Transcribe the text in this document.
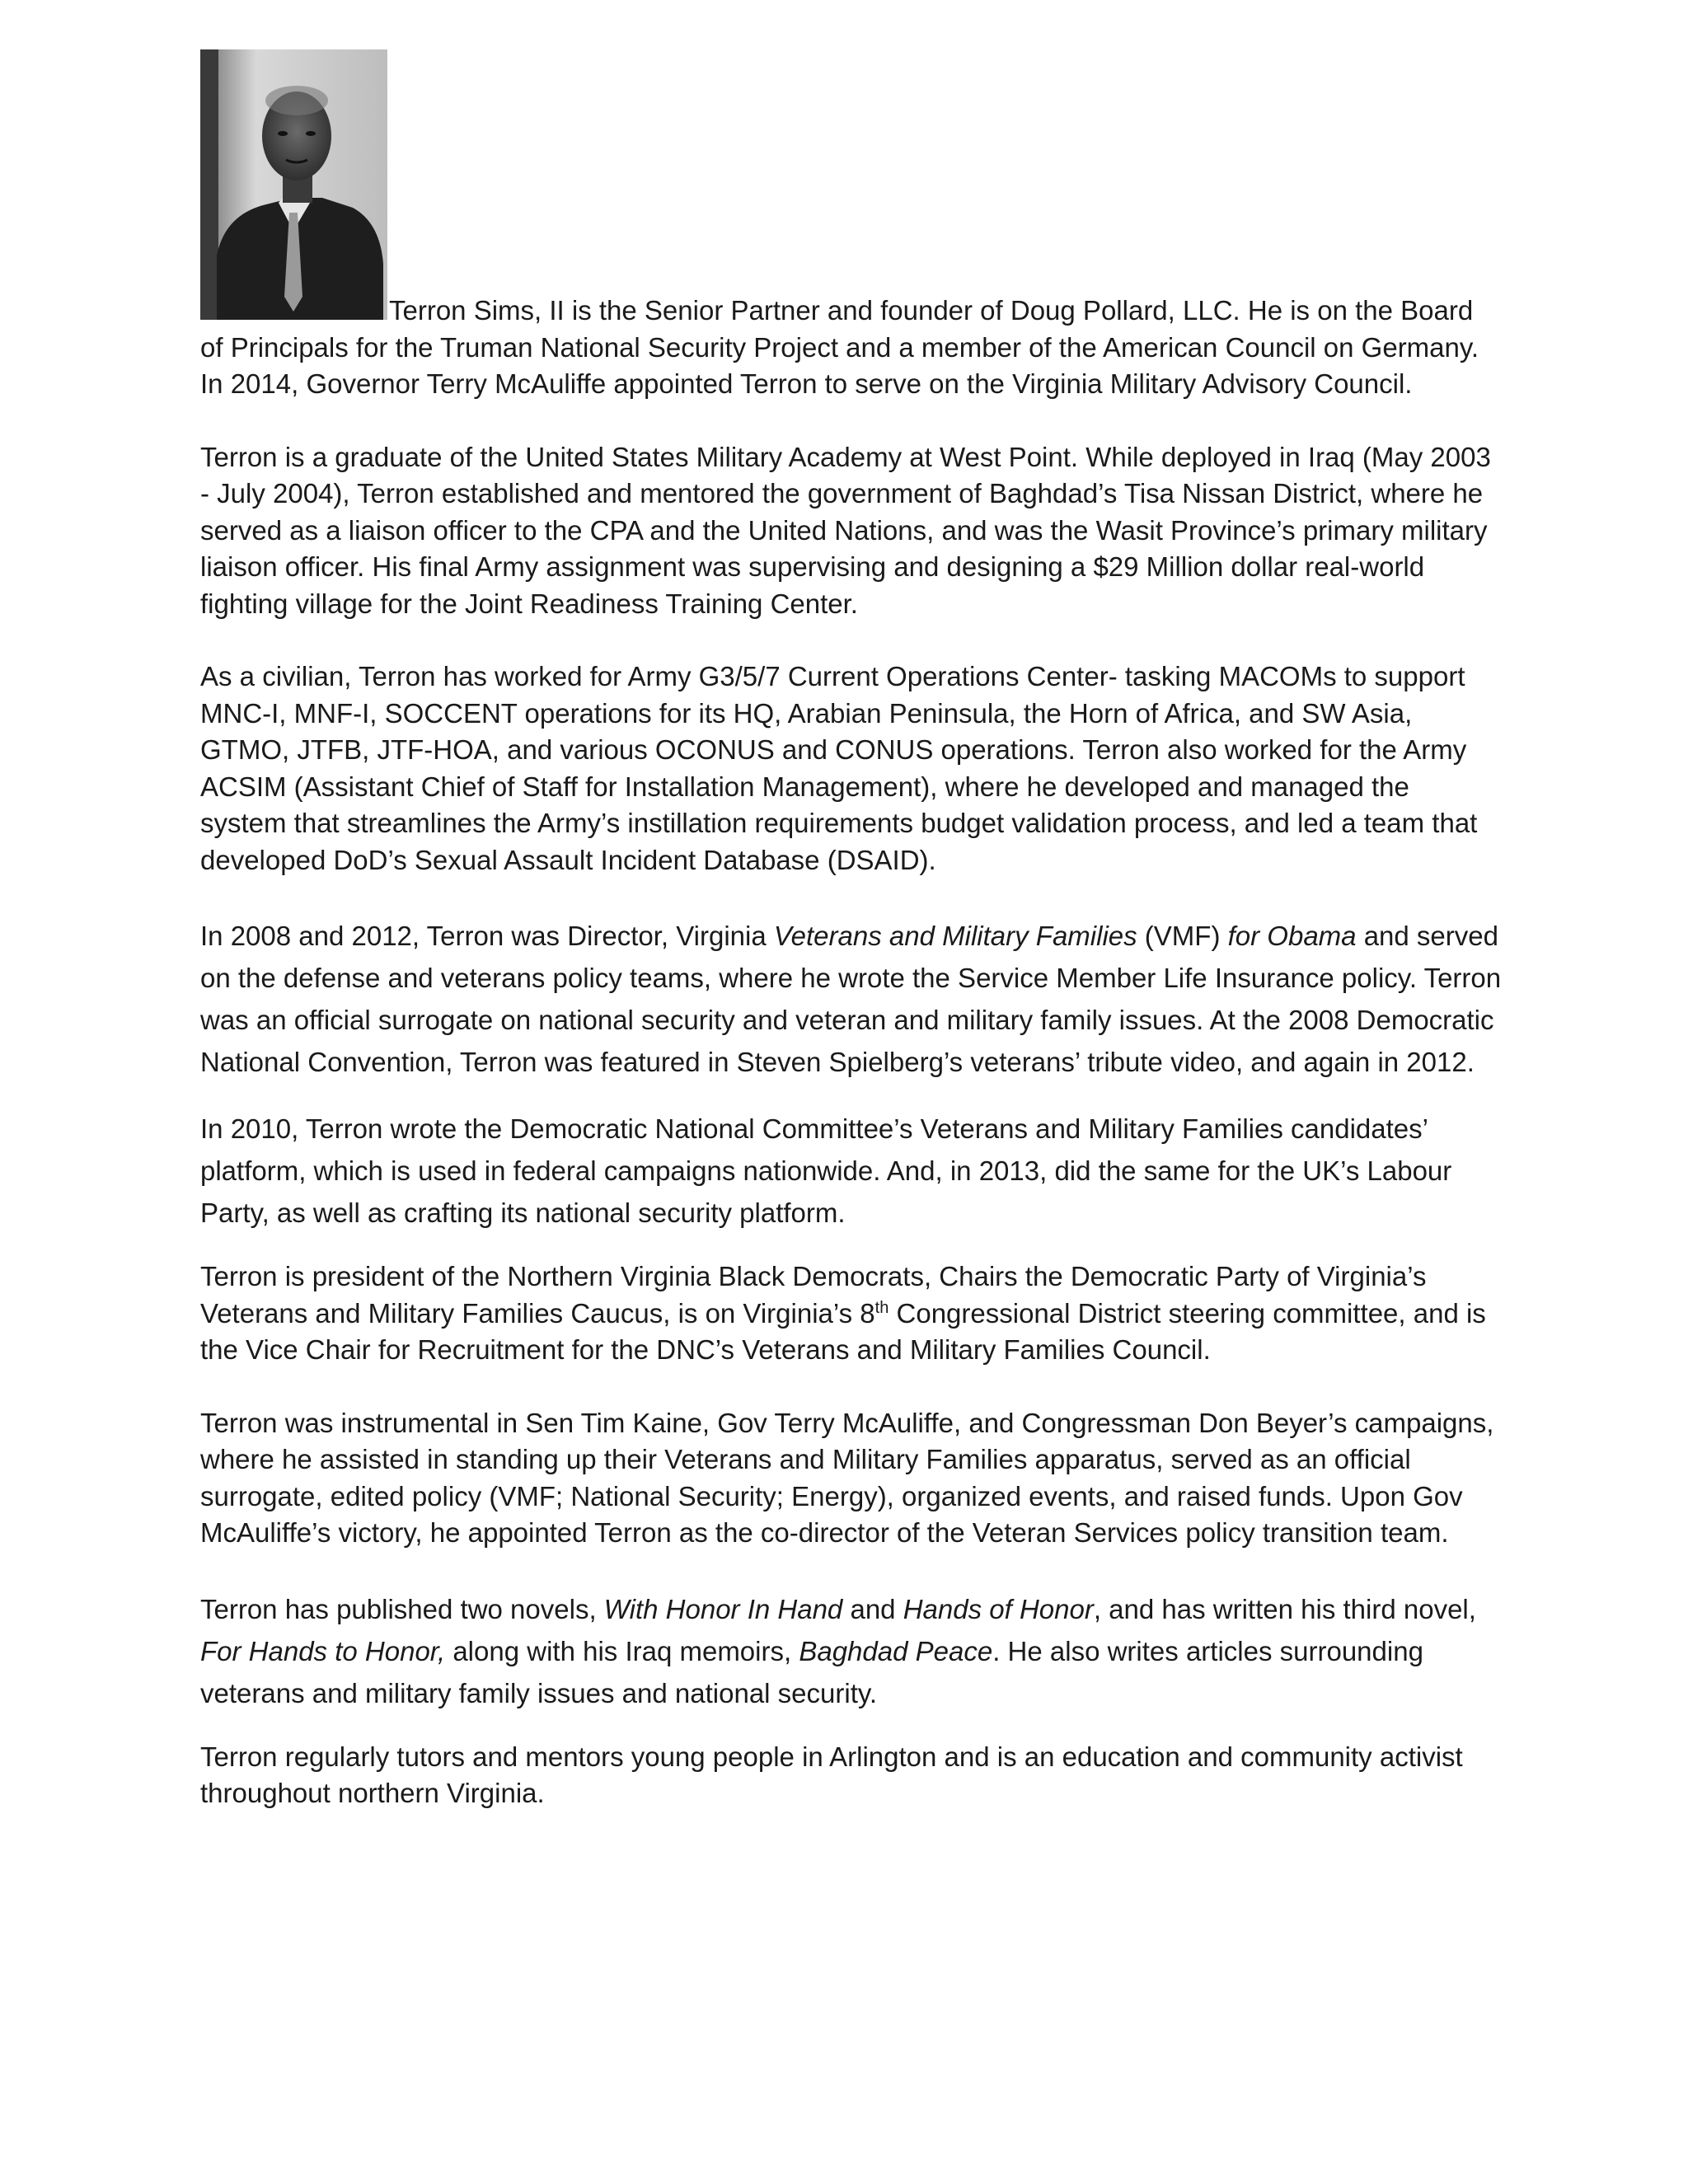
Terron Sims, II is the Senior Partner and founder of Doug Pollard, LLC. He is on the Board of Principals for the Truman National Security Project and a member of the American Council on Germany. In 2014, Governor Terry McAuliffe appointed Terron to serve on the Virginia Military Advisory Council.

Terron is a graduate of the United States Military Academy at West Point. While deployed in Iraq (May 2003 - July 2004), Terron established and mentored the government of Baghdad’s Tisa Nissan District, where he served as a liaison officer to the CPA and the United Nations, and was the Wasit Province’s primary military liaison officer. His final Army assignment was supervising and designing a $29 Million dollar real-world fighting village for the Joint Readiness Training Center.

As a civilian, Terron has worked for Army G3/5/7 Current Operations Center- tasking MACOMs to support MNC-I, MNF-I, SOCCENT operations for its HQ, Arabian Peninsula, the Horn of Africa, and SW Asia, GTMO, JTFB, JTF-HOA, and various OCONUS and CONUS operations. Terron also worked for the Army ACSIM (Assistant Chief of Staff for Installation Management), where he developed and managed the system that streamlines the Army’s instillation requirements budget validation process, and led a team that developed DoD’s Sexual Assault Incident Database (DSAID).

In 2008 and 2012, Terron was Director, Virginia Veterans and Military Families (VMF) for Obama and served on the defense and veterans policy teams, where he wrote the Service Member Life Insurance policy. Terron was an official surrogate on national security and veteran and military family issues. At the 2008 Democratic National Convention, Terron was featured in Steven Spielberg’s veterans’ tribute video, and again in 2012.

In 2010, Terron wrote the Democratic National Committee’s Veterans and Military Families candidates’ platform, which is used in federal campaigns nationwide. And, in 2013, did the same for the UK’s Labour Party, as well as crafting its national security platform.

Terron is president of the Northern Virginia Black Democrats, Chairs the Democratic Party of Virginia’s Veterans and Military Families Caucus, is on Virginia’s 8th Congressional District steering committee, and is the Vice Chair for Recruitment for the DNC’s Veterans and Military Families Council.

Terron was instrumental in Sen Tim Kaine, Gov Terry McAuliffe, and Congressman Don Beyer’s campaigns, where he assisted in standing up their Veterans and Military Families apparatus, served as an official surrogate, edited policy (VMF; National Security; Energy), organized events, and raised funds. Upon Gov McAuliffe’s victory, he appointed Terron as the co-director of the Veteran Services policy transition team.

Terron has published two novels, With Honor In Hand and Hands of Honor, and has written his third novel, For Hands to Honor, along with his Iraq memoirs, Baghdad Peace. He also writes articles surrounding veterans and military family issues and national security.

Terron regularly tutors and mentors young people in Arlington and is an education and community activist throughout northern Virginia.
